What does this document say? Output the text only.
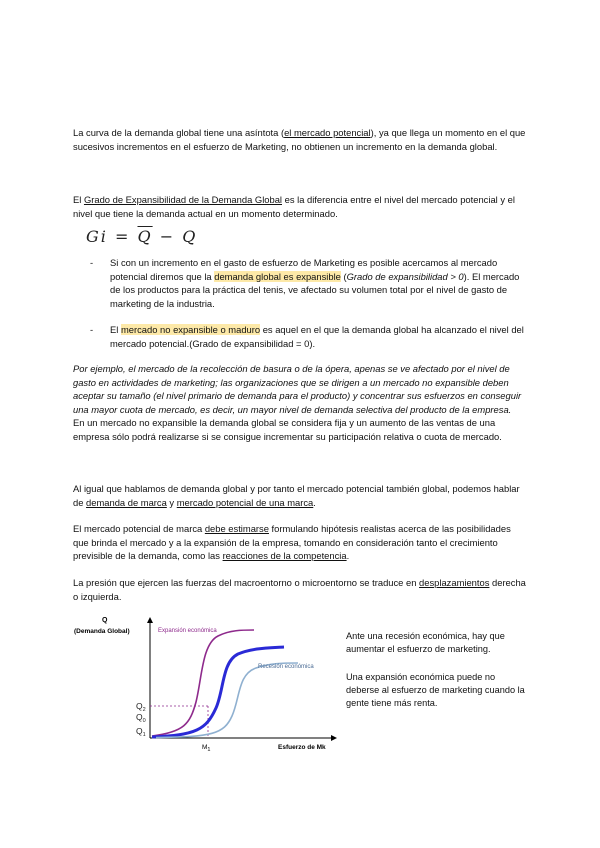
La curva de la demanda global tiene una asíntota (el mercado potencial), ya que llega un momento en el que sucesivos incrementos en el esfuerzo de Marketing, no obtienen un incremento en la demanda global.

El Grado de Expansibilidad de la Demanda Global es la diferencia entre el nivel del mercado potencial y el nivel que tiene la demanda actual en un momento determinado.

$Gi = \overline{Q} - Q$
- Si con un incremento en el gasto de esfuerzo de Marketing es posible acercamos al mercado potencial diremos que la demanda global es expansible (Grado de expansibilidad > 0). El mercado de los productos para la práctica del tenis, ve afectado su volumen total por el nivel de gasto de marketing de la industria.

- El mercado no expansible o maduro es aquel en el que la demanda global ha alcanzado el nivel del mercado potencial.(Grado de expansibilidad = 0).

Por ejemplo, el mercado de la recolección de basura o de la ópera, apenas se ve afectado por el nivel de gasto en actividades de marketing; las organizaciones que se dirigen a un mercado no expansible deben aceptar su tamaño (el nivel primario de demanda para el producto) y concentrar sus esfuerzos en conseguir una mayor cuota de mercado, es decir, un mayor nivel de demanda selectiva del producto de la empresa.
En un mercado no expansible la demanda global se considera fija y un aumento de las ventas de una empresa sólo podrá realizarse si se consigue incrementar su participación relativa o cuota de mercado.

Al igual que hablamos de demanda global y por tanto el mercado potencial también global, podemos hablar de demanda de marca y mercado potencial de una marca.

El mercado potencial de marca debe estimarse formulando hipótesis realistas acerca de las posibilidades que brinda el mercado y a la expansión de la empresa, tomando en consideración tanto el crecimiento previsible de la demanda, como las reacciones de la competencia.

La presión que ejercen las fuerzas del macroentorno o microentorno se traduce en desplazamientos derecha o izquierda.

Q
(Demanda Global)	Expansión económica
Recesión económica
$Q_2$
$Q_0$
$Q_1$
$M_1$	Esfuerzo de Mk

Ante una recesión económica, hay que aumentar el esfuerzo de marketing.

Una expansión económica puede no deberse al esfuerzo de marketing cuando la gente tiene más renta.
